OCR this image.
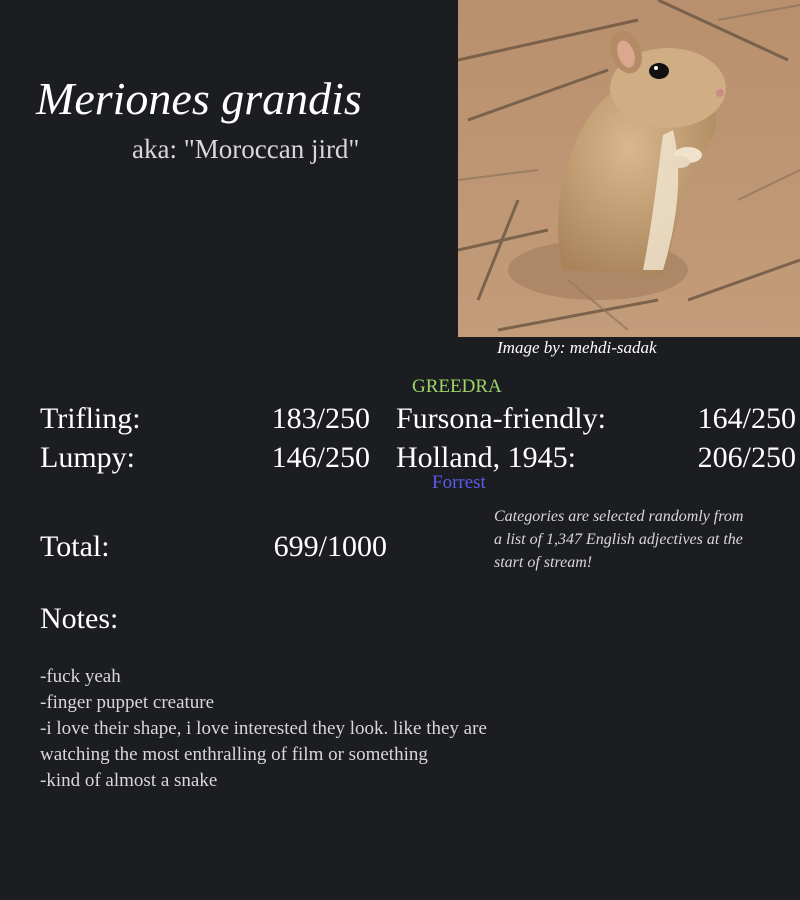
Meriones grandis
aka: "Moroccan jird"
Image by: mehdi-sadak
GREEDRA
Trifling:	183/250
Lumpy:	146/250
Fursona-friendly:	164/250
Holland, 1945:	206/250
Forrest
Total:	699/1000
Categories are selected randomly from a list of 1,347 English adjectives at the start of stream!
Notes:
-fuck yeah
-finger puppet creature
-i love their shape, i love interested they look. like they are watching the most enthralling of film or something
-kind of almost a snake
